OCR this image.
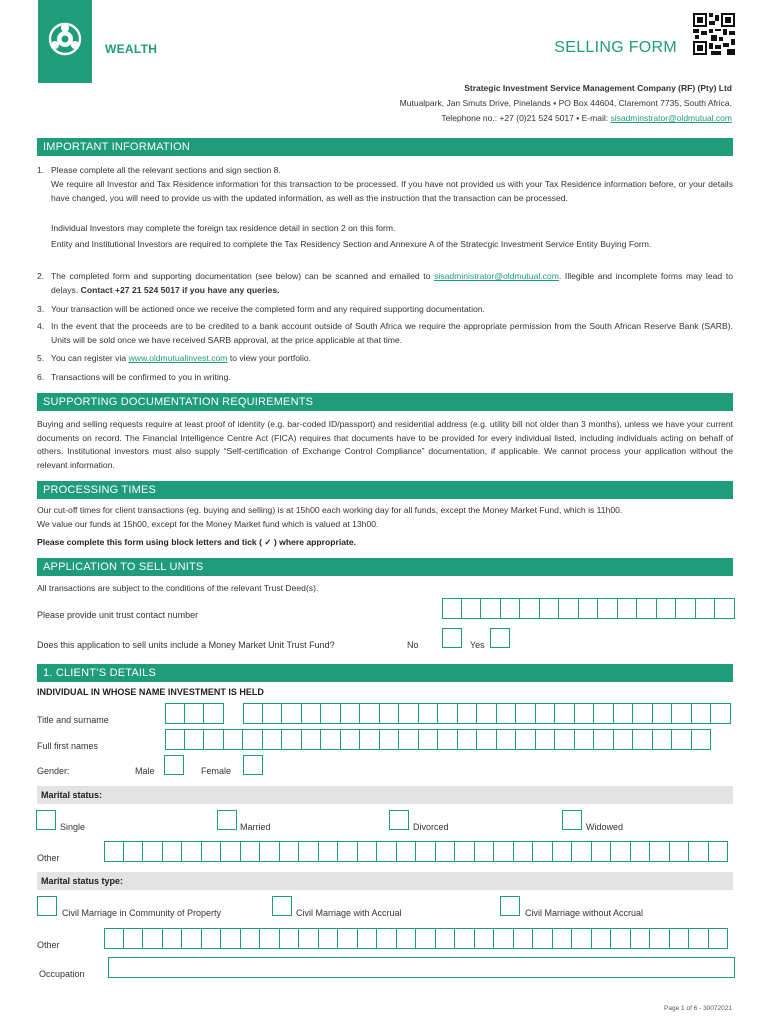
WEALTH	SELLING FORM
Strategic Investment Service Management Company (RF) (Pty) Ltd
Mutualpark, Jan Smuts Drive, Pinelands ▪ PO Box 44604, Claremont 7735, South Africa.
Telephone no.: +27 (0)21 524 5017 ▪ E-mail: sisadminstrator@oldmutual.com
IMPORTANT INFORMATION
1. Please complete all the relevant sections and sign section 8.
We require all Investor and Tax Residence information for this transaction to be processed. If you have not provided us with your Tax Residence information before, or your details have changed, you will need to provide us with the updated information, as well as the instruction that the transaction can be processed.
Individual Investors may complete the foreign tax residence detail in section 2 on this form.
Entity and Institutional Investors are required to complete the Tax Residency Section and Annexure A of the Stratecgic Investment Service Entity Buying Form.
2. The completed form and supporting documentation (see below) can be scanned and emailed to sisadministrator@oldmutual.com. Illegible and incomplete forms may lead to delays. Contact +27 21 524 5017 if you have any queries.
3. Your transaction will be actioned once we receive the completed form and any required supporting documentation.
4. In the event that the proceeds are to be credited to a bank account outside of South Africa we require the appropriate permission from the South African Reserve Bank (SARB). Units will be sold once we have received SARB approval, at the price applicable at that time.
5. You can register via www.oldmutualinvest.com to view your portfolio.
6. Transactions will be confirmed to you in writing.
SUPPORTING DOCUMENTATION REQUIREMENTS
Buying and selling requests require at least proof of identity (e.g. bar-coded ID/passport) and residential address (e.g. utility bill not older than 3 months), unless we have your current documents on record. The Financial Intelligence Centre Act (FICA) requires that documents have to be provided for every individual listed, including individuals acting on behalf of others. Institutional investors must also supply “Self-certification of Exchange Control Compliance” documentation, if applicable. We cannot process your application without the relevant information.
PROCESSING TIMES
Our cut-off times for client transactions (eg. buying and selling) is at 15h00 each working day for all funds, except the Money Market Fund, which is 11h00.
We value our funds at 15h00, except for the Money Market fund which is valued at 13h00.
Please complete this form using block letters and tick ( ✓ ) where appropriate.
APPLICATION TO SELL UNITS
All transactions are subject to the conditions of the relevant Trust Deed(s).
Please provide unit trust contact number
Does this application to sell units include a Money Market Unit Trust Fund?	No	Yes
1. CLIENT’S DETAILS
INDIVIDUAL IN WHOSE NAME INVESTMENT IS HELD
Title and surname
Full first names
Gender:	Male	Female
Marital status:
Single	Married	Divorced	Widowed
Other
Marital status type:
Civil Marriage in Community of Property	Civil Marriage with Accrual	Civil Marriage without Accrual
Other
Occupation
Page 1 of 6 - 30072021
